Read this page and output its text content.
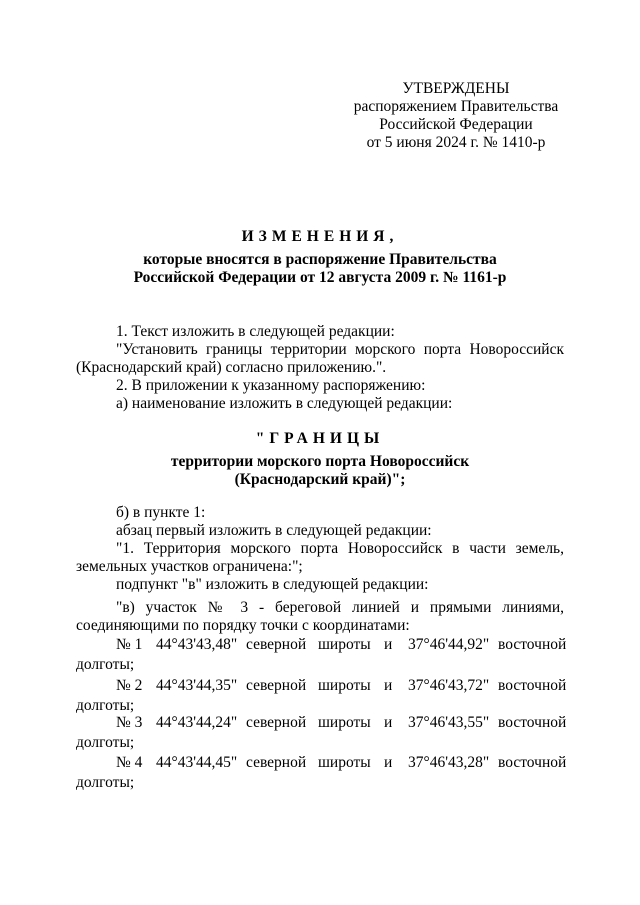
УТВЕРЖДЕНЫ
распоряжением Правительства
Российской Федерации
от 5 июня 2024 г. № 1410-р
ИЗМЕНЕНИЯ,
которые вносятся в распоряжение Правительства
Российской Федерации от 12 августа 2009 г. № 1161-р
1. Текст изложить в следующей редакции:
"Установить границы территории морского порта Новороссийск
(Краснодарский край) согласно приложению.".
2. В приложении к указанному распоряжению:
а) наименование изложить в следующей редакции:
"ГРАНИЦЫ
территории морского порта Новороссийск
(Краснодарский край)";
б) в пункте 1:
абзац первый изложить в следующей редакции:
"1. Территория морского порта Новороссийск в части земель,
земельных участков ограничена:";
подпункт "в" изложить в следующей редакции:
"в) участок № 3 - береговой линией и прямыми линиями,
соединяющими по порядку точки с координатами:
№ 1 44°43'43,48" северной широты и 37°46'44,92" восточной
долготы;
№ 2 44°43'44,35" северной широты и 37°46'43,72" восточной
долготы;
№ 3 44°43'44,24" северной широты и 37°46'43,55" восточной
долготы;
№ 4 44°43'44,45" северной широты и 37°46'43,28" восточной
долготы;
